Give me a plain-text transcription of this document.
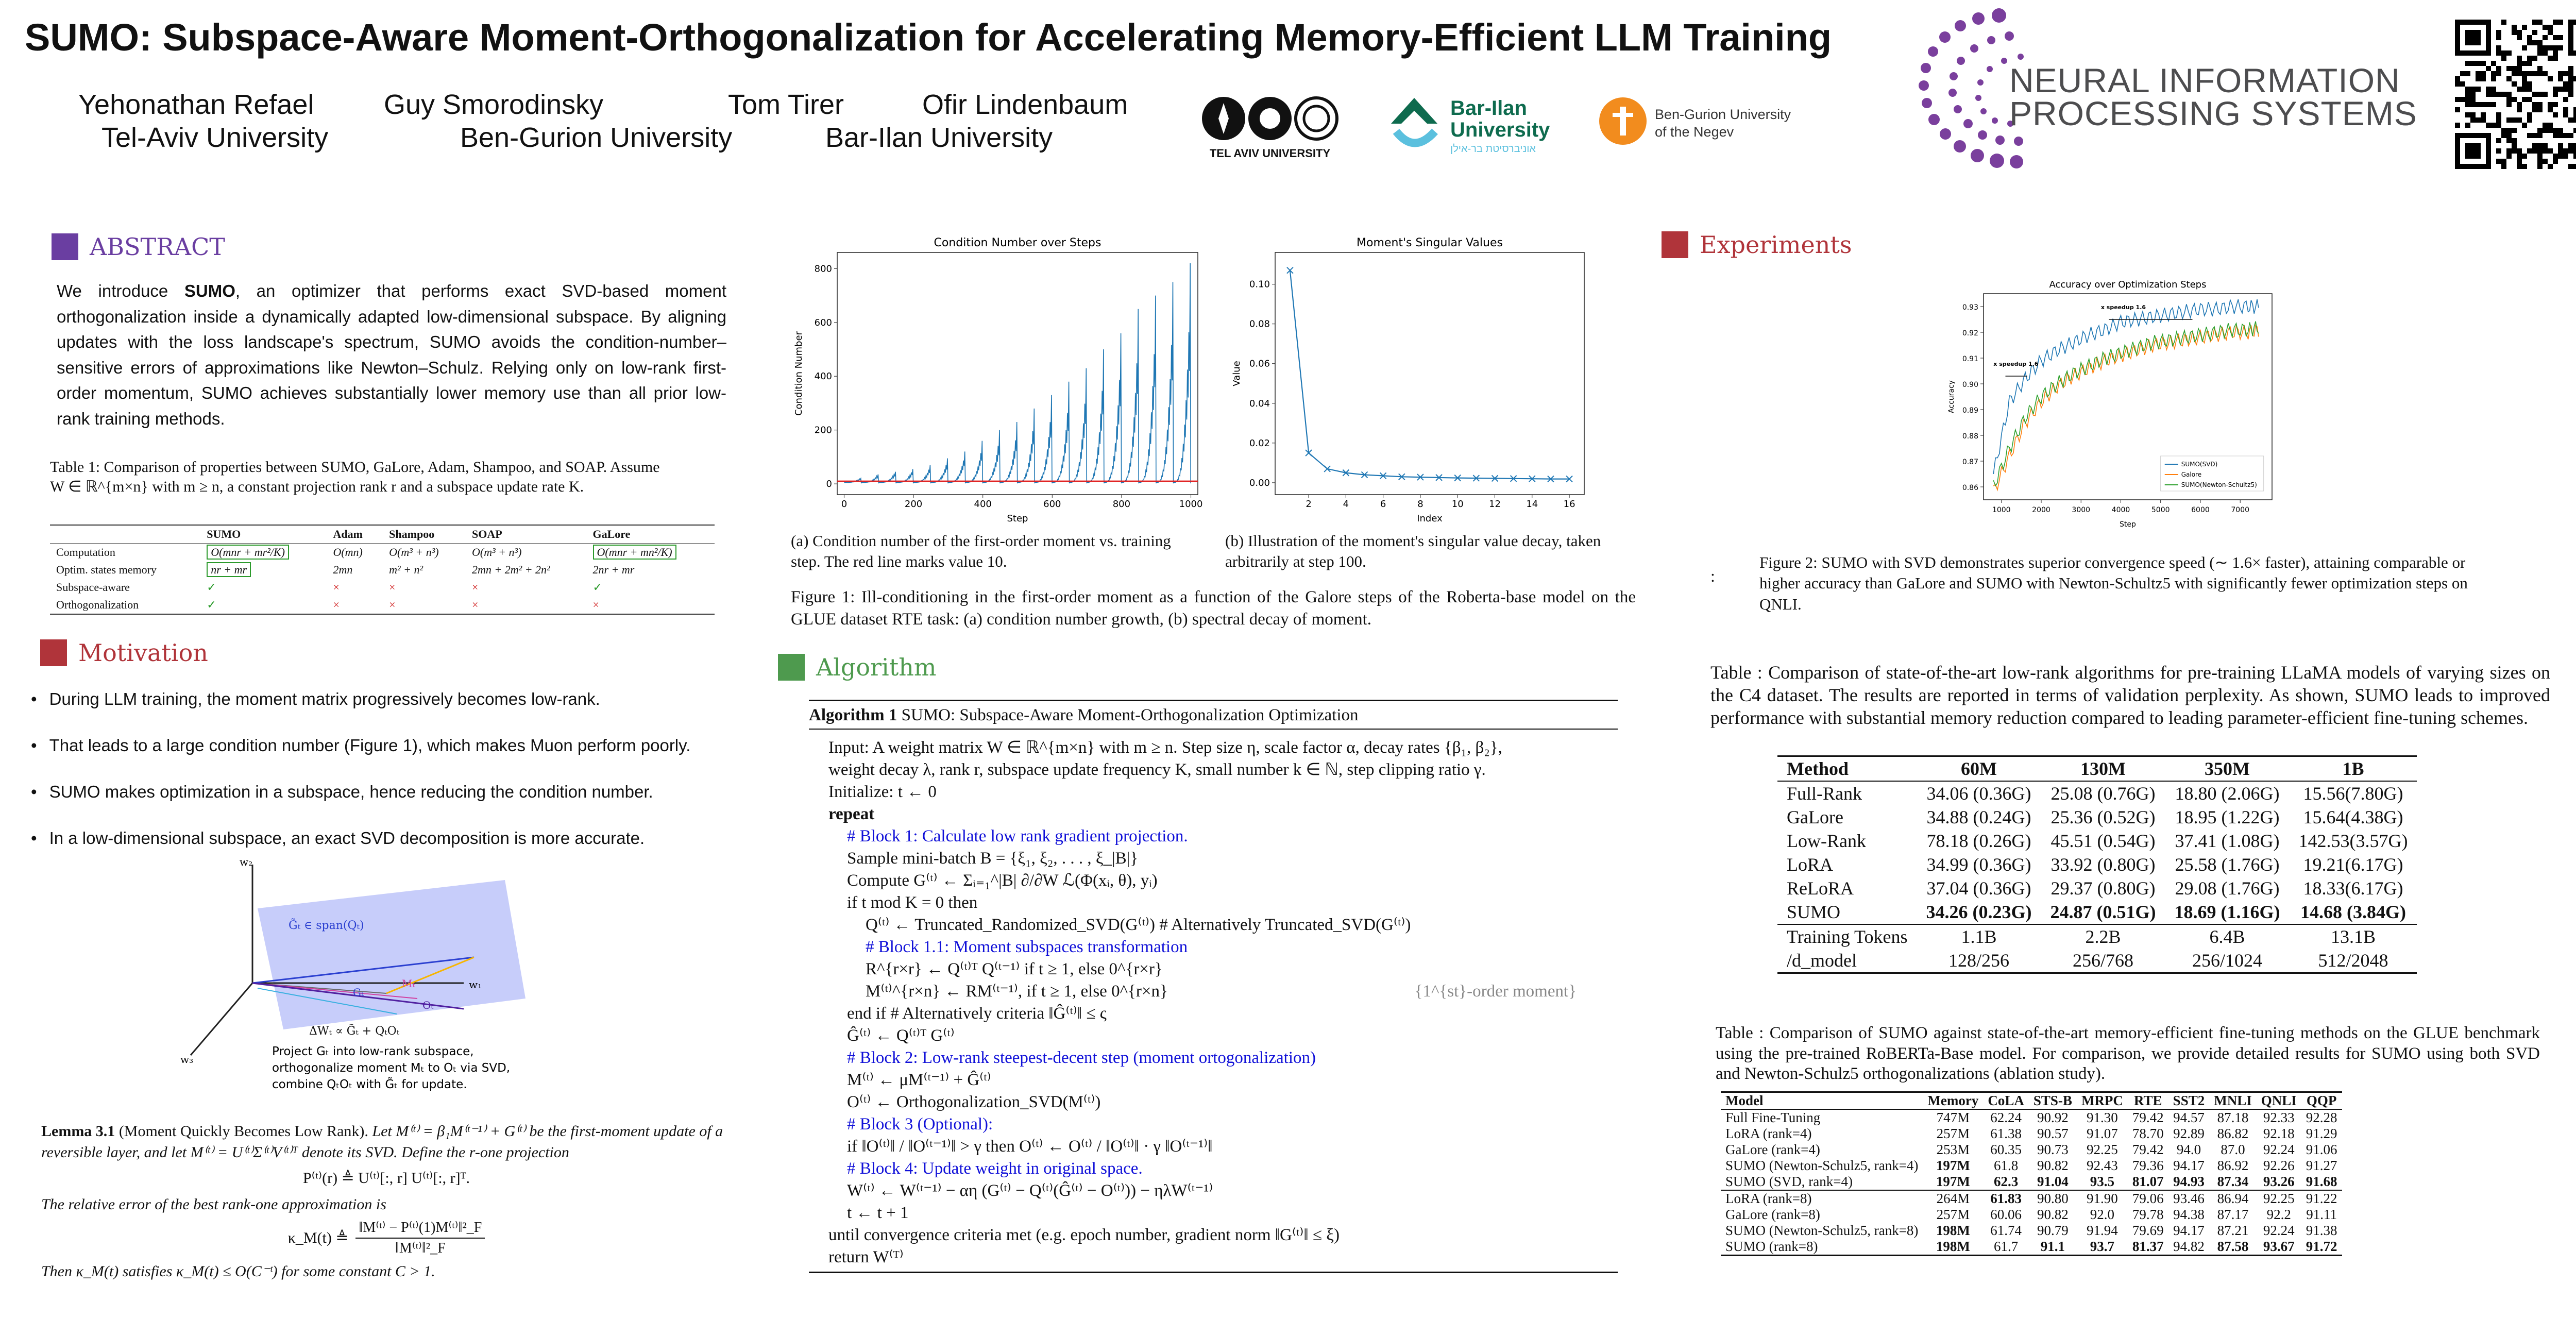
SUMO: Subspace-Aware Moment-Orthogonalization for Accelerating Memory-Efficient LLM Training
Yehonathan Refael	Guy Smorodinsky	Tom Tirer	Ofir Lindenbaum
Tel-Aviv University	Ben-Gurion University	Bar-Ilan University
TEL AVIV UNIVERSITY
Bar-Ilan
University
אוניברסיטת בר-אילן
Ben-Gurion University
of the Negev
NEURAL INFORMATION
PROCESSING SYSTEMS
ABSTRACT
We introduce SUMO, an optimizer that performs exact SVD-based moment orthogonalization inside a dynamically adapted low-dimensional subspace. By aligning updates with the loss landscape's spectrum, SUMO avoids the condition-number–sensitive errors of approximations like Newton–Schulz. Relying only on low-rank first-order momentum, SUMO achieves substantially lower memory use than all prior low-rank training methods.
Table 1: Comparison of properties between SUMO, GaLore, Adam, Shampoo, and SOAP. Assume
W ∈ ℝ^{m×n} with m ≥ n, a constant projection rank r and a subspace update rate K.
	SUMO	Adam	Shampoo	SOAP	GaLore
Computation	O(mnr + mr²/K)	O(mn)	O(m³ + n³)	O(m³ + n³)	O(mnr + mn²/K)
Optim. states memory	nr + mr	2mn	m² + n²	2mn + 2m² + 2n²	2nr + mr
Subspace-aware	✓	×	×	×	✓
Orthogonalization	✓	×	×	×	×
Motivation
• During LLM training, the moment matrix progressively becomes low-rank.
• That leads to a large condition number (Figure 1), which makes Muon perform poorly.
• SUMO makes optimization in a subspace, hence reducing the condition number.
• In a low-dimensional subspace, an exact SVD decomposition is more accurate.
w₂
w₁
w₃
G̃ₜ ∈ span(Qₜ)
Gₜ
Mₜ
Oₜ
ΔWₜ ∝ G̃ₜ + QₜOₜ
Project Gₜ into low-rank subspace,
orthogonalize moment Mₜ to Oₜ via SVD,
combine QₜOₜ with G̃ₜ for update.
Lemma 3.1 (Moment Quickly Becomes Low Rank). Let M⁽ᵗ⁾ = β₁M⁽ᵗ⁻¹⁾ + G⁽ᵗ⁾ be the first-moment update of a reversible layer, and let M⁽ᵗ⁾ = U⁽ᵗ⁾Σ⁽ᵗ⁾V⁽ᵗ⁾ᵀ denote its SVD. Define the r-one projection
P⁽ᵗ⁾(r) ≜ U⁽ᵗ⁾[:, r] U⁽ᵗ⁾[:, r]ᵀ.
The relative error of the best rank-one approximation is
κ_M(t) ≜ $\frac{\text{‖M⁽ᵗ⁾ − P⁽ᵗ⁾(1)M⁽ᵗ⁾‖²\_F}}{\text{‖M⁽ᵗ⁾‖²\_F}}$
Then κ_M(t) satisfies κ_M(t) ≤ O(C⁻ᵗ) for some constant C > 1.
0	200	400	600	800	1000
0
200
400
600
800
Condition Number over Steps
Step
Condition Number
2	4	6	8	10	12	14	16
0.00
0.02
0.04
0.06
0.08
0.10
Moment's Singular Values
Index
Value
(a) Condition number of the first-order moment vs. training step. The red line marks value 10.
(b) Illustration of the moment's singular value decay, taken arbitrarily at step 100.
Figure 1: Ill-conditioning in the first-order moment as a function of the Galore steps of the Roberta-base model on the GLUE dataset RTE task: (a) condition number growth, (b) spectral decay of moment.
Algorithm
Algorithm 1 SUMO: Subspace-Aware Moment-Orthogonalization Optimization
Input: A weight matrix W ∈ ℝ^{m×n} with m ≥ n. Step size η, scale factor α, decay rates {β₁, β₂},
weight decay λ, rank r, subspace update frequency K, small number k ∈ ℕ, step clipping ratio γ.
Initialize: t ← 0
repeat
# Block 1: Calculate low rank gradient projection.
Sample mini-batch B = {ξ₁, ξ₂, . . . , ξ_|B|}
Compute G⁽ᵗ⁾ ← Σᵢ₌₁^|B| ∂/∂W ℒ(Φ(xᵢ, θ), yᵢ)
if t mod K = 0 then
Q⁽ᵗ⁾ ← Truncated_Randomized_SVD(G⁽ᵗ⁾) # Alternatively Truncated_SVD(G⁽ᵗ⁾)
# Block 1.1: Moment subspaces transformation
R^{r×r} ← Q⁽ᵗ⁾ᵀ Q⁽ᵗ⁻¹⁾ if t ≥ 1, else 0^{r×r}
M⁽ᵗ⁾^{r×n} ← RM⁽ᵗ⁻¹⁾, if t ≥ 1, else 0^{r×n}
end if # Alternatively criteria ‖Ĝ⁽ᵗ⁾‖ ≤ ς
Ĝ⁽ᵗ⁾ ← Q⁽ᵗ⁾ᵀ G⁽ᵗ⁾
# Block 2: Low-rank steepest-decent step (moment ortogonalization)
M⁽ᵗ⁾ ← μM⁽ᵗ⁻¹⁾ + Ĝ⁽ᵗ⁾
O⁽ᵗ⁾ ← Orthogonalization_SVD(M⁽ᵗ⁾)
# Block 3 (Optional):
if ‖O⁽ᵗ⁾‖ / ‖O⁽ᵗ⁻¹⁾‖ > γ then O⁽ᵗ⁾ ← O⁽ᵗ⁾ / ‖O⁽ᵗ⁾‖ · γ ‖O⁽ᵗ⁻¹⁾‖
# Block 4: Update weight in original space.
W⁽ᵗ⁾ ← W⁽ᵗ⁻¹⁾ − αη (G⁽ᵗ⁾ − Q⁽ᵗ⁾(Ĝ⁽ᵗ⁾ − O⁽ᵗ⁾)) − ηλW⁽ᵗ⁻¹⁾
t ← t + 1
until convergence criteria met (e.g. epoch number, gradient norm ‖G⁽ᵗ⁾‖ ≤ ξ)
return W⁽ᵀ⁾
{1^{st}-order moment}
Experiments
1000	2000	3000	4000	5000	6000	7000
0.86
0.87
0.88
0.89
0.90
0.91
0.92
0.93
Accuracy over Optimization Steps
Step
Accuracy
x speedup 1.6
x speedup 1.6
SUMO(SVD)
Galore
SUMO(Newton-Schultz5)
:
Figure 2: SUMO with SVD demonstrates superior convergence speed (∼ 1.6× faster), attaining comparable or higher accuracy than GaLore and SUMO with Newton-Schultz5 with significantly fewer optimization steps on QNLI.
Table : Comparison of state-of-the-art low-rank algorithms for pre-training LLaMA models of varying sizes on the C4 dataset. The results are reported in terms of validation perplexity. As shown, SUMO leads to improved performance with substantial memory reduction compared to leading parameter-efficient fine-tuning schemes.
Method	60M	130M	350M	1B
Full-Rank	34.06 (0.36G)	25.08 (0.76G)	18.80 (2.06G)	15.56(7.80G)
GaLore	34.88 (0.24G)	25.36 (0.52G)	18.95 (1.22G)	15.64(4.38G)
Low-Rank	78.18 (0.26G)	45.51 (0.54G)	37.41 (1.08G)	142.53(3.57G)
LoRA	34.99 (0.36G)	33.92 (0.80G)	25.58 (1.76G)	19.21(6.17G)
ReLoRA	37.04 (0.36G)	29.37 (0.80G)	29.08 (1.76G)	18.33(6.17G)
SUMO	34.26 (0.23G)	24.87 (0.51G)	18.69 (1.16G)	14.68 (3.84G)
Training Tokens	1.1B	2.2B	6.4B	13.1B
/d_model	128/256	256/768	256/1024	512/2048
Table : Comparison of SUMO against state-of-the-art memory-efficient fine-tuning methods on the GLUE benchmark using the pre-trained RoBERTa-Base model. For comparison, we provide detailed results for SUMO using both SVD and Newton-Schulz5 orthogonalizations (ablation study).
Model	Memory	CoLA	STS-B	MRPC	RTE	SST2	MNLI	QNLI	QQP
Full Fine-Tuning	747M	62.24	90.92	91.30	79.42	94.57	87.18	92.33	92.28
LoRA (rank=4)	257M	61.38	90.57	91.07	78.70	92.89	86.82	92.18	91.29
GaLore (rank=4)	253M	60.35	90.73	92.25	79.42	94.0	87.0	92.24	91.06
SUMO (Newton-Schulz5, rank=4)	197M	61.8	90.82	92.43	79.36	94.17	86.92	92.26	91.27
SUMO (SVD, rank=4)	197M	62.3	91.04	93.5	81.07	94.93	87.34	93.26	91.68
LoRA (rank=8)	264M	61.83	90.80	91.90	79.06	93.46	86.94	92.25	91.22
GaLore (rank=8)	257M	60.06	90.82	92.0	79.78	94.38	87.17	92.2	91.11
SUMO (Newton-Schulz5, rank=8)	198M	61.74	90.79	91.94	79.69	94.17	87.21	92.24	91.38
SUMO (rank=8)	198M	61.7	91.1	93.7	81.37	94.82	87.58	93.67	91.72
